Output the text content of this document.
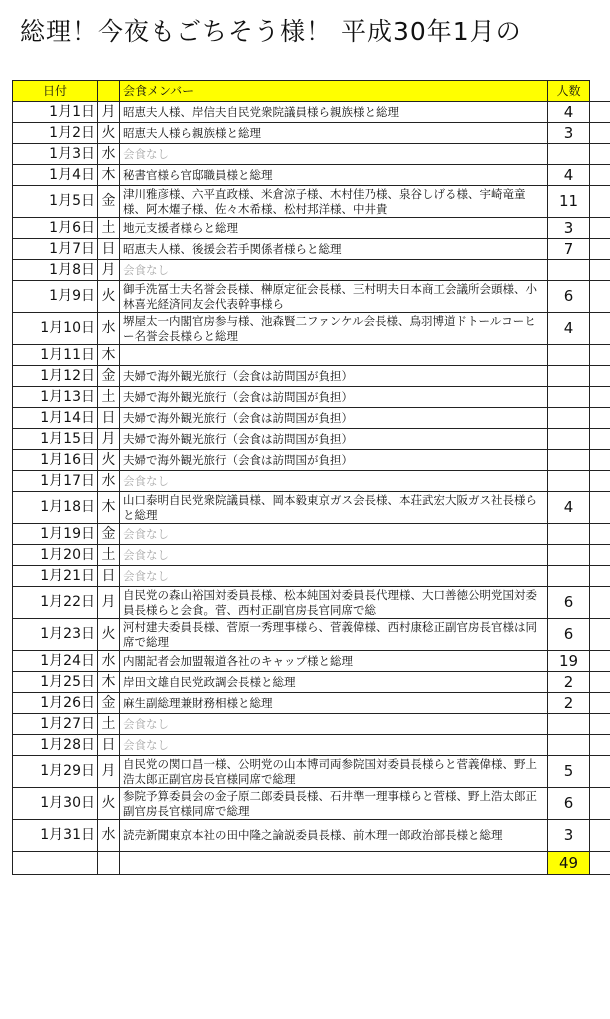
総理！今夜もごちそう様！ 平成30年1月の
日付		会食メンバー	人数	
1月1日	月	昭恵夫人様、岸信夫自民党衆院議員様ら親族様と総理	4	
1月2日	火	昭恵夫人様ら親族様と総理	3	
1月3日	水	会食なし		
1月4日	木	秘書官様ら官邸職員様と総理	4	
1月5日	金	津川雅彦様、六平直政様、米倉涼子様、木村佳乃様、泉谷しげる様、宇崎竜童様、阿木燿子様、佐々木希様、松村邦洋様、中井貴	11	
1月6日	土	地元支援者様らと総理	3	
1月7日	日	昭恵夫人様、後援会若手関係者様らと総理	7	
1月8日	月	会食なし		
1月9日	火	御手洗冨士夫名誉会長様、榊原定征会長様、三村明夫日本商工会議所会頭様、小林喜光経済同友会代表幹事様ら	6	
1月10日	水	堺屋太一内閣官房参与様、池森賢二ファンケル会長様、鳥羽博道ドトールコーヒー名誉会長様らと総理	4	
1月11日	木			
1月12日	金	夫婦で海外観光旅行（会食は訪問国が負担）		
1月13日	土	夫婦で海外観光旅行（会食は訪問国が負担）		
1月14日	日	夫婦で海外観光旅行（会食は訪問国が負担）		
1月15日	月	夫婦で海外観光旅行（会食は訪問国が負担）		
1月16日	火	夫婦で海外観光旅行（会食は訪問国が負担）		
1月17日	水	会食なし		
1月18日	木	山口泰明自民党衆院議員様、岡本毅東京ガス会長様、本荘武宏大阪ガス社長様らと総理	4	
1月19日	金	会食なし		
1月20日	土	会食なし		
1月21日	日	会食なし		
1月22日	月	自民党の森山裕国対委員長様、松本純国対委員長代理様、大口善徳公明党国対委員長様らと会食。菅、西村正副官房長官同席で総	6	
1月23日	火	河村建夫委員長様、菅原一秀理事様ら、菅義偉様、西村康稔正副官房長官様は同席で総理	6	
1月24日	水	内閣記者会加盟報道各社のキャップ様と総理	19	
1月25日	木	岸田文雄自民党政調会長様と総理	2	
1月26日	金	麻生副総理兼財務相様と総理	2	
1月27日	土	会食なし		
1月28日	日	会食なし		
1月29日	月	自民党の関口昌一様、公明党の山本博司両参院国対委員長様らと菅義偉様、野上浩太郎正副官房長官様同席で総理	5	
1月30日	火	参院予算委員会の金子原二郎委員長様、石井準一理事様らと菅様、野上浩太郎正副官房長官様同席で総理	6	
1月31日	水	読売新聞東京本社の田中隆之論説委員長様、前木理一郎政治部長様と総理	3	
			49	
